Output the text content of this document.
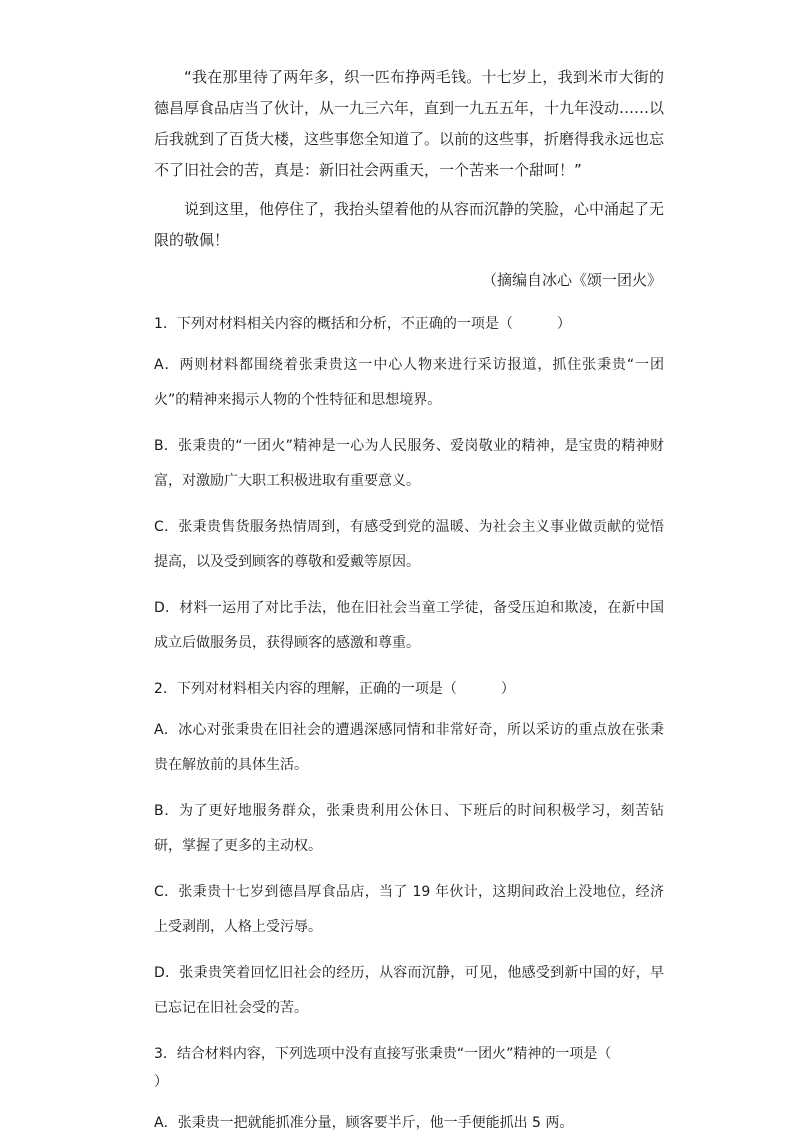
“我在那里待了两年多，织一匹布挣两毛钱。十七岁上，我到米市大街的德昌厚食品店当了伙计，从一九三六年，直到一九五五年，十九年没动……以后我就到了百货大楼，这些事您全知道了。以前的这些事，折磨得我永远也忘不了旧社会的苦，真是：新旧社会两重天，一个苦来一个甜呵！”

说到这里，他停住了，我抬头望着他的从容而沉静的笑脸，心中涌起了无限的敬佩！

（摘编自冰心《颂一团火》

1．下列对材料相关内容的概括和分析，不正确的一项是（	）

A．两则材料都围绕着张秉贵这一中心人物来进行采访报道，抓住张秉贵“一团火”的精神来揭示人物的个性特征和思想境界。

B．张秉贵的“一团火”精神是一心为人民服务、爱岗敬业的精神，是宝贵的精神财富，对激励广大职工积极进取有重要意义。

C．张秉贵售货服务热情周到，有感受到党的温暖、为社会主义事业做贡献的觉悟提高，以及受到顾客的尊敬和爱戴等原因。

D．材料一运用了对比手法，他在旧社会当童工学徒，备受压迫和欺凌，在新中国成立后做服务员，获得顾客的感激和尊重。

2．下列对材料相关内容的理解，正确的一项是（	）

A．冰心对张秉贵在旧社会的遭遇深感同情和非常好奇，所以采访的重点放在张秉贵在解放前的具体生活。

B．为了更好地服务群众，张秉贵利用公休日、下班后的时间积极学习，刻苦钻研，掌握了更多的主动权。

C．张秉贵十七岁到德昌厚食品店，当了 19 年伙计，这期间政治上没地位，经济上受剥削，人格上受污辱。

D．张秉贵笑着回忆旧社会的经历，从容而沉静，可见，他感受到新中国的好，早已忘记在旧社会受的苦。

3．结合材料内容，下列选项中没有直接写张秉贵“一团火”精神的一项是（）

A．张秉贵一把就能抓准分量，顾客要半斤，他一手便能抓出 5 两。
